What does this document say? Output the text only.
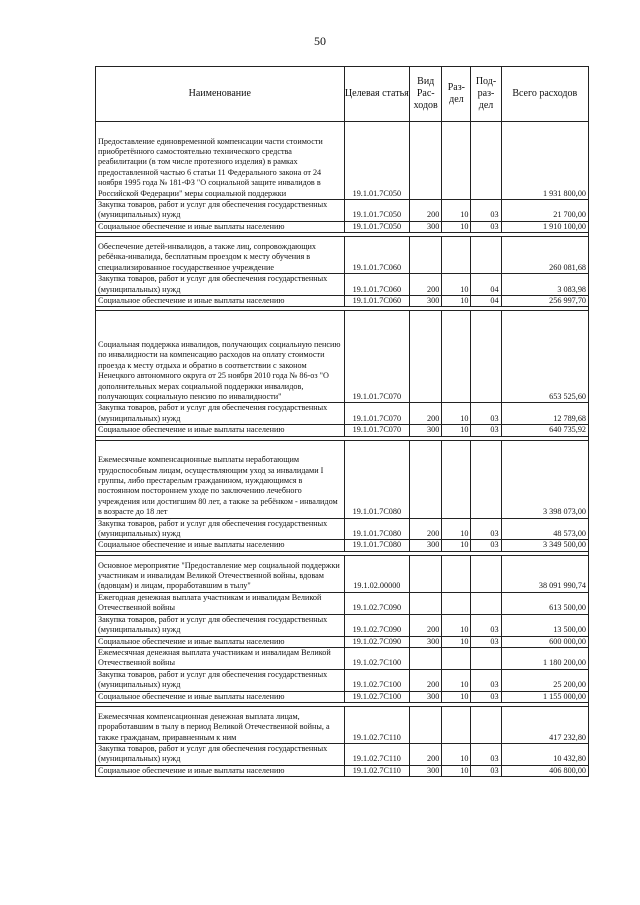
50
Наименование	Целевая статья	Вид Рас-ходов	Раз-дел	Под-раз-дел	Всего расходов
Предоставление единовременной компенсации части стоимости приобретённого самостоятельно технического средства реабилитации (в том числе протезного изделия) в рамках предоставленной частью 6 статьи 11 Федерального закона от 24 ноября 1995 года № 181-ФЗ "О социальной защите инвалидов в Российской Федерации" меры социальной поддержки	19.1.01.7С050				1 931 800,00
Закупка товаров, работ и услуг для обеспечения государственных (муниципальных) нужд	19.1.01.7С050	200	10	03	21 700,00
Социальное обеспечение и иные выплаты населению	19.1.01.7С050	300	10	03	1 910 100,00

Обеспечение детей-инвалидов, а также лиц, сопровождающих ребёнка-инвалида, бесплатным проездом к месту обучения в специализированное государственное учреждение	19.1.01.7С060				260 081,68
Закупка товаров, работ и услуг для обеспечения государственных (муниципальных) нужд	19.1.01.7С060	200	10	04	3 083,98
Социальное обеспечение и иные выплаты населению	19.1.01.7С060	300	10	04	256 997,70

Социальная поддержка инвалидов, получающих социальную пенсию по инвалидности на компенсацию расходов на оплату стоимости проезда к месту отдыха и обратно в соответствии с законом Ненецкого автономного округа от 25 ноября 2010 года № 86-оз "О дополнительных мерах социальной поддержки инвалидов, получающих социальную пенсию по инвалидности"	19.1.01.7С070				653 525,60
Закупка товаров, работ и услуг для обеспечения государственных (муниципальных) нужд	19.1.01.7С070	200	10	03	12 789,68
Социальное обеспечение и иные выплаты населению	19.1.01.7С070	300	10	03	640 735,92

Ежемесячные компенсационные выплаты неработающим трудоспособным лицам, осуществляющим уход за инвалидами I группы, либо престарелым гражданином, нуждающимся в постоянном постороннем уходе по заключению лечебного учреждения или достигшим 80 лет, а также за ребёнком - инвалидом в возрасте до 18 лет	19.1.01.7С080				3 398 073,00
Закупка товаров, работ и услуг для обеспечения государственных (муниципальных) нужд	19.1.01.7С080	200	10	03	48 573,00
Социальное обеспечение и иные выплаты населению	19.1.01.7С080	300	10	03	3 349 500,00

Основное мероприятие "Предоставление мер социальной поддержки участникам и инвалидам Великой Отечественной войны, вдовам (вдовцам) и лицам, проработавшим в тылу"	19.1.02.00000				38 091 990,74
Ежегодная денежная выплата участникам и инвалидам Великой Отечественной войны	19.1.02.7С090				613 500,00
Закупка товаров, работ и услуг для обеспечения государственных (муниципальных) нужд	19.1.02.7С090	200	10	03	13 500,00
Социальное обеспечение и иные выплаты населению	19.1.02.7С090	300	10	03	600 000,00
Ежемесячная денежная выплата участникам и инвалидам Великой Отечественной войны	19.1.02.7С100				1 180 200,00
Закупка товаров, работ и услуг для обеспечения государственных (муниципальных) нужд	19.1.02.7С100	200	10	03	25 200,00
Социальное обеспечение и иные выплаты населению	19.1.02.7С100	300	10	03	1 155 000,00

Ежемесячная компенсационная денежная выплата лицам, проработавшим в тылу в период Великой Отечественной войны, а также гражданам, приравненным к ним	19.1.02.7С110				417 232,80
Закупка товаров, работ и услуг для обеспечения государственных (муниципальных) нужд	19.1.02.7С110	200	10	03	10 432,80
Социальное обеспечение и иные выплаты населению	19.1.02.7С110	300	10	03	406 800,00
